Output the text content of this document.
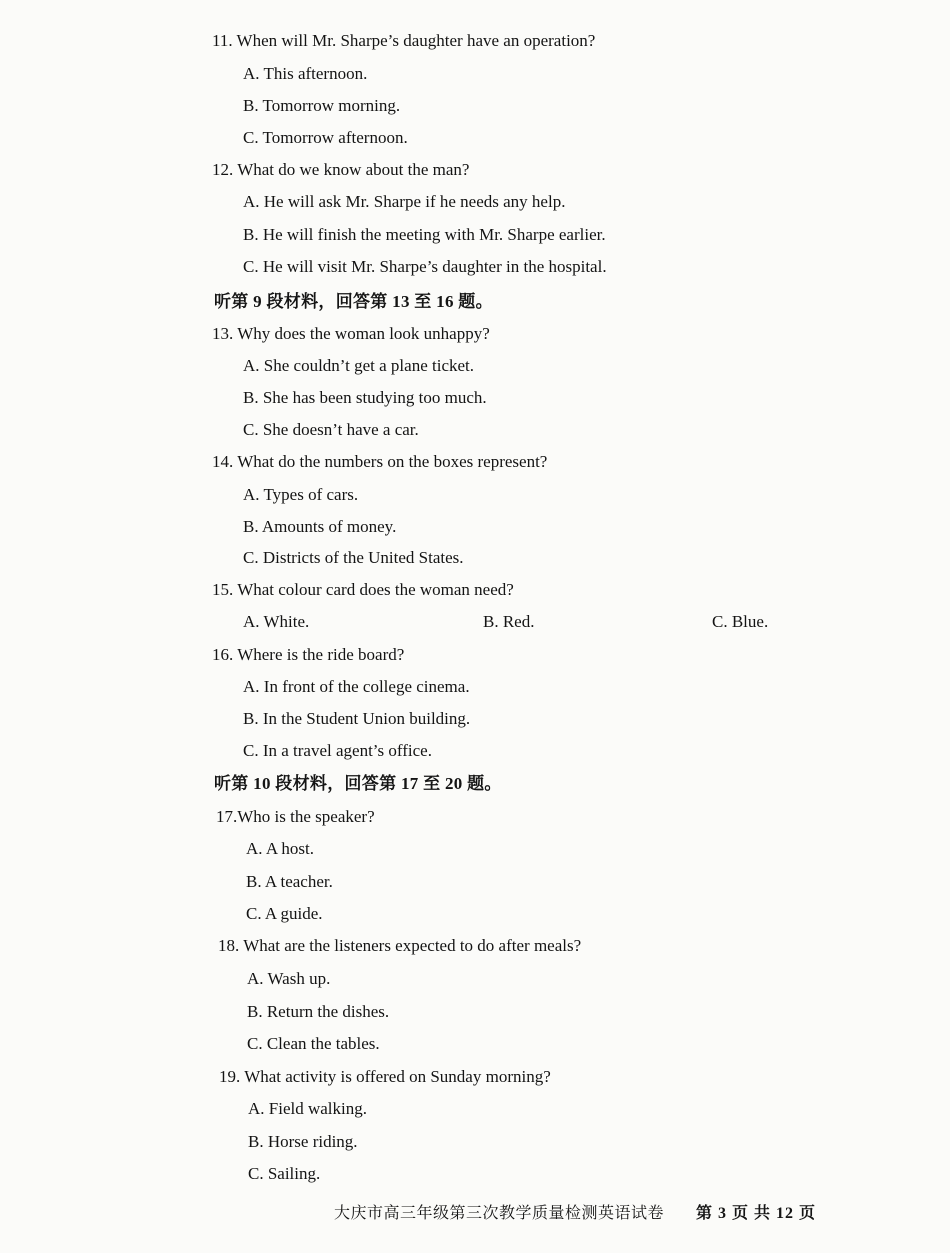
11. When will Mr. Sharpe’s daughter have an operation?
A. This afternoon.
B. Tomorrow morning.
C. Tomorrow afternoon.
12. What do we know about the man?
A. He will ask Mr. Sharpe if he needs any help.
B. He will finish the meeting with Mr. Sharpe earlier.
C. He will visit Mr. Sharpe’s daughter in the hospital.
听第 9 段材料，回答第 13 至 16 题。
13. Why does the woman look unhappy?
A. She couldn’t get a plane ticket.
B. She has been studying too much.
C. She doesn’t have a car.
14. What do the numbers on the boxes represent?
A. Types of cars.
B. Amounts of money.
C. Districts of the United States.
15. What colour card does the woman need?
A. White.	B. Red.	C. Blue.
16. Where is the ride board?
A. In front of the college cinema.
B. In the Student Union building.
C. In a travel agent’s office.
听第 10 段材料，回答第 17 至 20 题。
17.Who is the speaker?
A. A host.
B. A teacher.
C. A guide.
18. What are the listeners expected to do after meals?
A. Wash up.
B. Return the dishes.
C. Clean the tables.
19. What activity is offered on Sunday morning?
A. Field walking.
B. Horse riding.
C. Sailing.
大庆市高三年级第三次教学质量检测英语试卷 第 3 页 共 12 页
